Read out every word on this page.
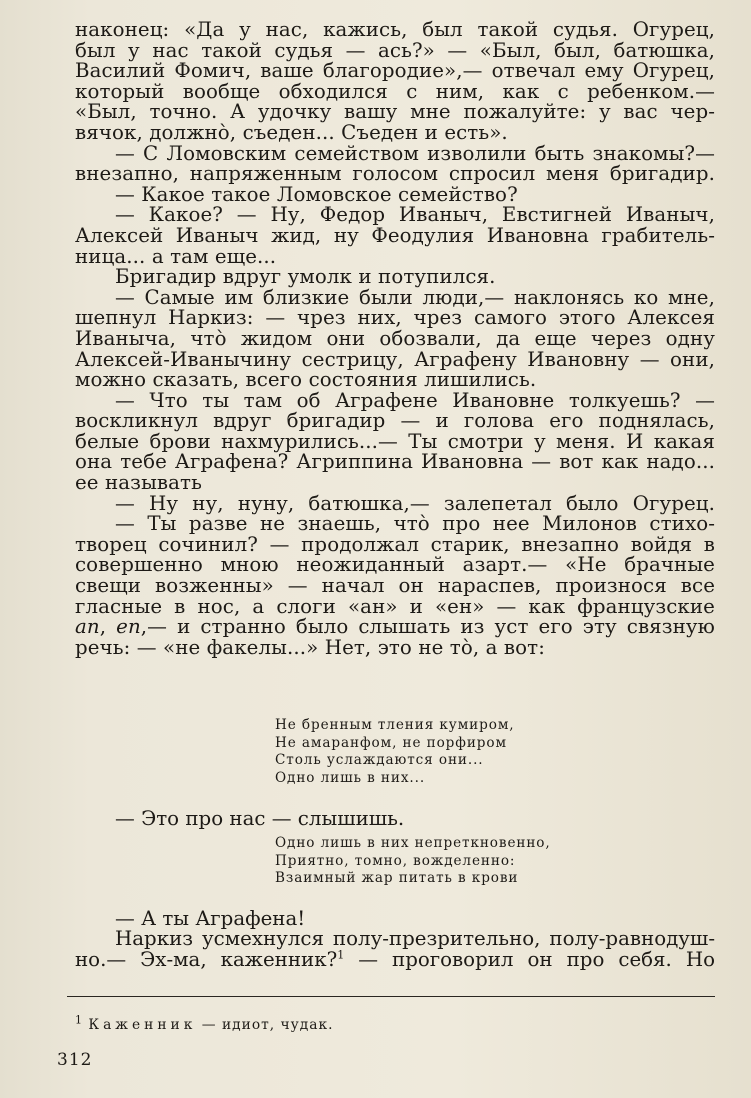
наконец: «Да у нас, кажись, был такой судья. Огурец,
был у нас такой судья — ась?» — «Был, был, батюшка,
Василий Фомич, ваше благородие»,— отвечал ему Огурец,
который вообще обходился с ним, как с ребенком.—
«Был, точно. А удочку вашу мне пожалуйте: у вас чер-
вячок, должно̀, съеден... Съеден и есть».
— С Ломовским семейством изволили быть знакомы?—
внезапно, напряженным голосом спросил меня бригадир.
— Какое такое Ломовское семейство?
— Какое? — Ну, Федор Иваныч, Евстигней Иваныч,
Алексей Иваныч жид, ну Феодулия Ивановна грабитель-
ница... а там еще...
Бригадир вдруг умолк и потупился.
— Самые им близкие были люди,— наклонясь ко мне,
шепнул Наркиз: — чрез них, чрез самого этого Алексея
Иваныча, что̀ жидом они обозвали, да еще через одну
Алексей-Иванычину сестрицу, Аграфену Ивановну — они,
можно сказать, всего состояния лишились.
— Что ты там об Аграфене Ивановне толкуешь? —
воскликнул вдруг бригадир — и голова его поднялась,
белые брови нахмурились...— Ты смотри у меня. И какая
она тебе Аграфена? Агриппина Ивановна — вот как надо...
ее называть
— Ну ну, нуну, батюшка,— залепетал было Огурец.
— Ты разве не знаешь, что̀ про нее Милонов стихо-
творец сочинил? — продолжал старик, внезапно войдя в
совершенно мною неожиданный азарт.— «Не брачные
свещи возженны» — начал он нараспев, произнося все
гласные в нос, а слоги «ан» и «ен» — как французские
an, en,— и странно было слышать из уст его эту связную
речь: — «не факелы...» Нет, это не то̀, а вот:
Не бренным тления кумиром,
Не амаранфом, не порфиром
Столь услаждаются они...
Одно лишь в них...
— Это про нас — слышишь.
Одно лишь в них непреткновенно,
Приятно, томно, вожделенно:
Взаимный жар питать в крови
— А ты Аграфена!
Наркиз усмехнулся полу-презрительно, полу-равнодуш-
но.— Эх-ма, каженник?$^1$ — проговорил он про себя. Но
$^1$ Каженник — идиот, чудак.
312
